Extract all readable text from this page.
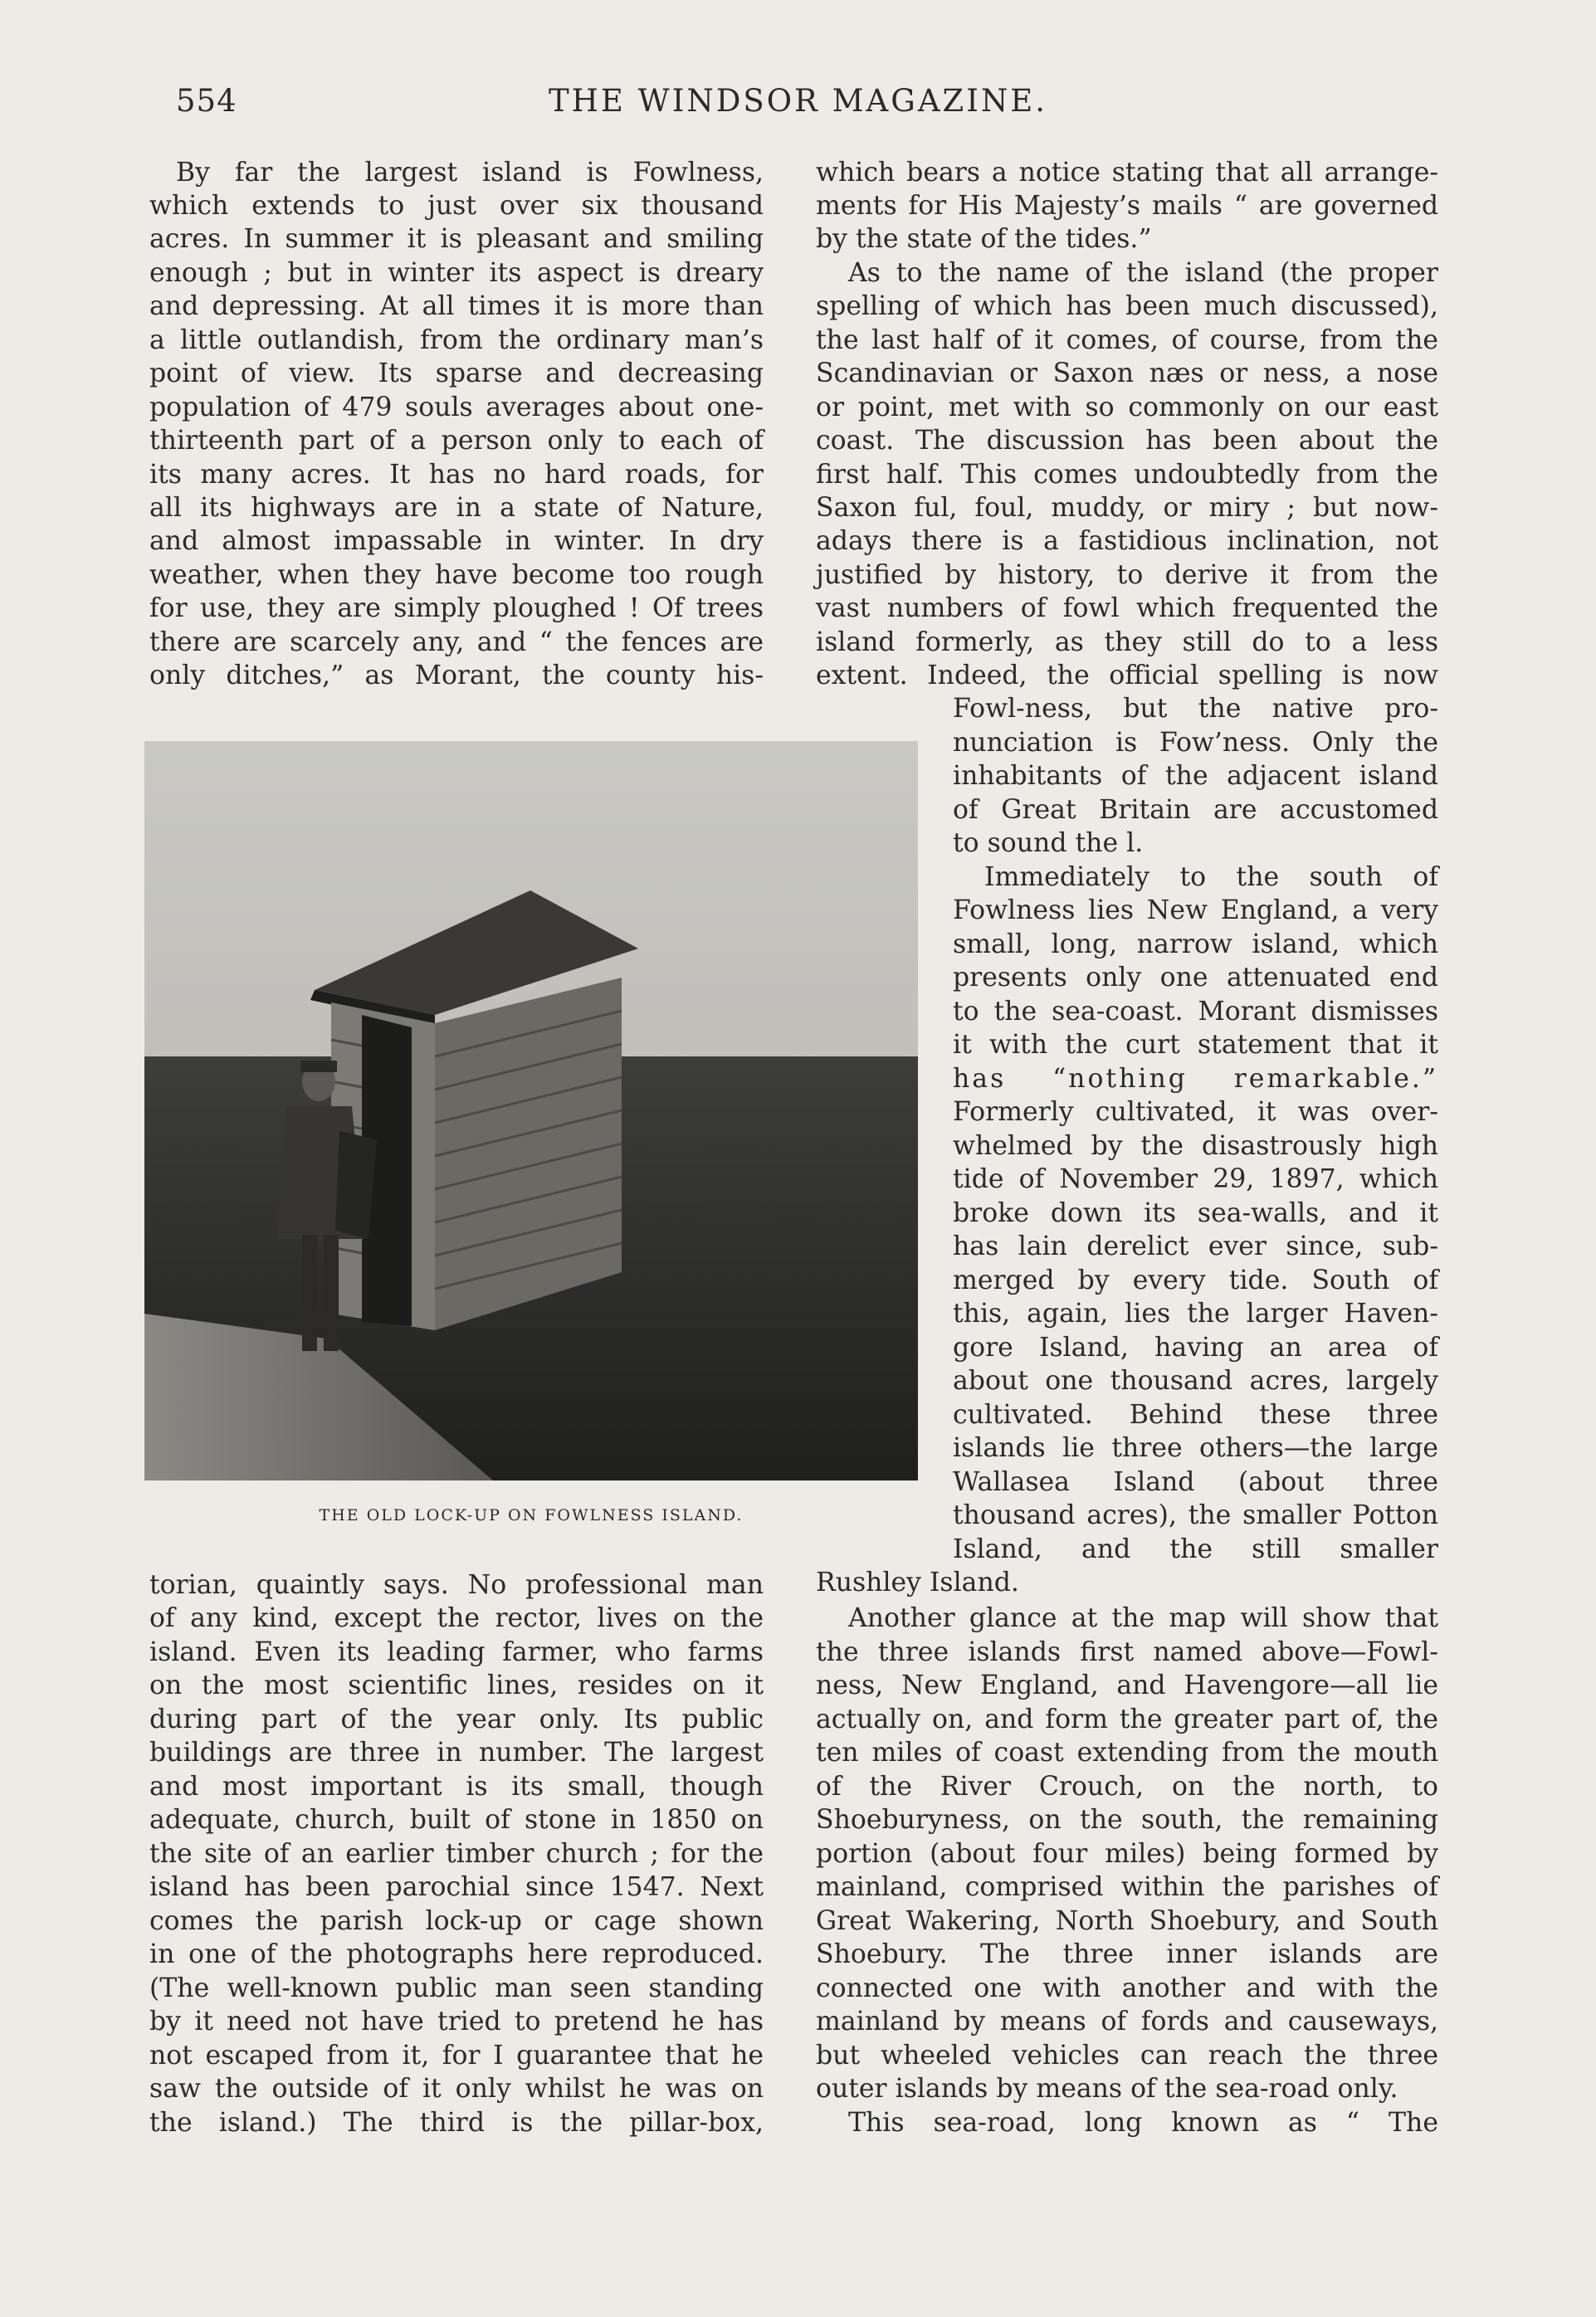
554	THE WINDSOR MAGAZINE.

By far the largest island is Fowlness,

which extends to just over six thousand

acres. In summer it is pleasant and smiling

enough ; but in winter its aspect is dreary

and depressing. At all times it is more than

a little outlandish, from the ordinary man’s

point of view. Its sparse and decreasing

population of 479 souls averages about one-

thirteenth part of a person only to each of

its many acres. It has no hard roads, for

all its highways are in a state of Nature,

and almost impassable in winter. In dry

weather, when they have become too rough

for use, they are simply ploughed ! Of trees

there are scarcely any, and “ the fences are

only ditches,” as Morant, the county his-

THE OLD LOCK-UP ON FOWLNESS ISLAND.

torian, quaintly says. No professional man

of any kind, except the rector, lives on the

island. Even its leading farmer, who farms

on the most scientific lines, resides on it

during part of the year only. Its public

buildings are three in number. The largest

and most important is its small, though

adequate, church, built of stone in 1850 on

the site of an earlier timber church ; for the

island has been parochial since 1547. Next

comes the parish lock-up or cage shown

in one of the photographs here reproduced.

(The well-known public man seen standing

by it need not have tried to pretend he has

not escaped from it, for I guarantee that he

saw the outside of it only whilst he was on

the island.) The third is the pillar-box,

which bears a notice stating that all arrange-

ments for His Majesty’s mails “ are governed

by the state of the tides.”

As to the name of the island (the proper

spelling of which has been much discussed),

the last half of it comes, of course, from the

Scandinavian or Saxon næs or ness, a nose

or point, met with so commonly on our east

coast. The discussion has been about the

first half. This comes undoubtedly from the

Saxon ful, foul, muddy, or miry ; but now-

adays there is a fastidious inclination, not

justified by history, to derive it from the

vast numbers of fowl which frequented the

island formerly, as they still do to a less

extent. Indeed, the official spelling is now

Fowl-ness, but the native pro-

nunciation is Fow’ness. Only the

inhabitants of the adjacent island

of Great Britain are accustomed

to sound the l.

Immediately to the south of

Fowlness lies New England, a very

small, long, narrow island, which

presents only one attenuated end

to the sea-coast. Morant dismisses

it with the curt statement that it

has “nothing remarkable.”

Formerly cultivated, it was over-

whelmed by the disastrously high

tide of November 29, 1897, which

broke down its sea-walls, and it

has lain derelict ever since, sub-

merged by every tide. South of

this, again, lies the larger Haven-

gore Island, having an area of

about one thousand acres, largely

cultivated. Behind these three

islands lie three others—the large

Wallasea Island (about three

thousand acres), the smaller Potton

Island, and the still smaller

Rushley Island.

Another glance at the map will show that

the three islands first named above—Fowl-

ness, New England, and Havengore—all lie

actually on, and form the greater part of, the

ten miles of coast extending from the mouth

of the River Crouch, on the north, to

Shoeburyness, on the south, the remaining

portion (about four miles) being formed by

mainland, comprised within the parishes of

Great Wakering, North Shoebury, and South

Shoebury. The three inner islands are

connected one with another and with the

mainland by means of fords and causeways,

but wheeled vehicles can reach the three

outer islands by means of the sea-road only.

This sea-road, long known as “ The
